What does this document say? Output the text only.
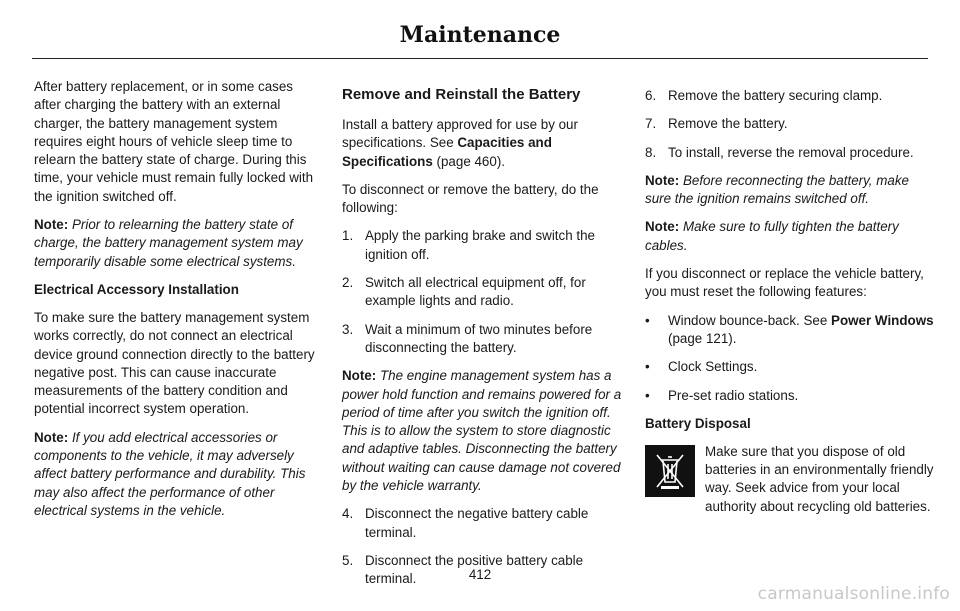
Maintenance

After battery replacement, or in some cases after charging the battery with an external charger, the battery management system requires eight hours of vehicle sleep time to relearn the battery state of charge. During this time, your vehicle must remain fully locked with the ignition switched off.

Note: Prior to relearning the battery state of charge, the battery management system may temporarily disable some electrical systems.

Electrical Accessory Installation

To make sure the battery management system works correctly, do not connect an electrical device ground connection directly to the battery negative post. This can cause inaccurate measurements of the battery condition and potential incorrect system operation.

Note: If you add electrical accessories or components to the vehicle, it may adversely affect battery performance and durability. This may also affect the performance of other electrical systems in the vehicle.

Remove and Reinstall the Battery

Install a battery approved for use by our specifications. See Capacities and Specifications (page 460).

To disconnect or remove the battery, do the following:

1. Apply the parking brake and switch the ignition off.
2. Switch all electrical equipment off, for example lights and radio.
3. Wait a minimum of two minutes before disconnecting the battery.

Note: The engine management system has a power hold function and remains powered for a period of time after you switch the ignition off. This is to allow the system to store diagnostic and adaptive tables. Disconnecting the battery without waiting can cause damage not covered by the vehicle warranty.

4. Disconnect the negative battery cable terminal.
5. Disconnect the positive battery cable terminal.
6. Remove the battery securing clamp.
7. Remove the battery.
8. To install, reverse the removal procedure.

Note: Before reconnecting the battery, make sure the ignition remains switched off.

Note: Make sure to fully tighten the battery cables.

If you disconnect or replace the vehicle battery, you must reset the following features:

• Window bounce-back. See Power Windows (page 121).
• Clock Settings.
• Pre-set radio stations.
Battery Disposal
Make sure that you dispose of old batteries in an environmentally friendly way. Seek advice from your local authority about recycling old batteries.
412
carmanualsonline.info
